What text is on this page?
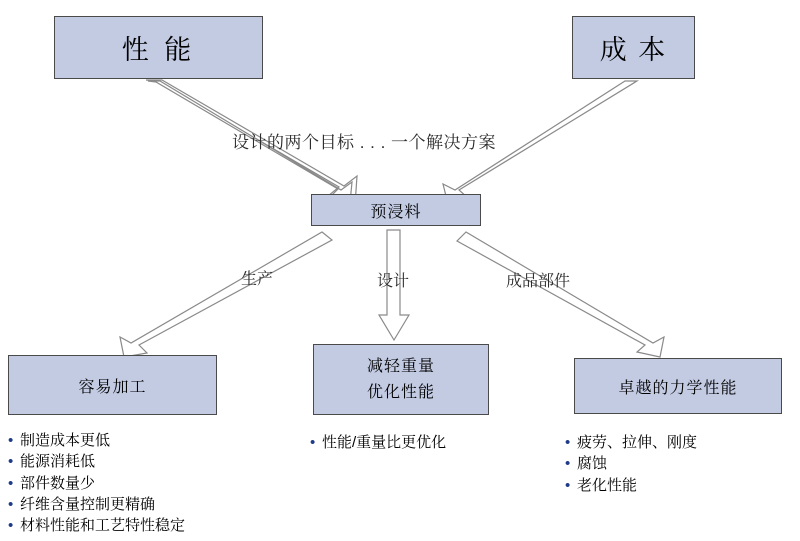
性 能	成 本
预浸料
容易加工
减轻重量
优化性能	卓越的力学性能
设计的两个目标 . . . 一个解决方案
生产	设计	成品部件
• 制造成本更低
• 能源消耗低
• 部件数量少
• 纤维含量控制更精确
• 材料性能和工艺特性稳定
• 性能/重量比更优化	• 疲劳、拉伸、刚度
• 腐蚀
• 老化性能
